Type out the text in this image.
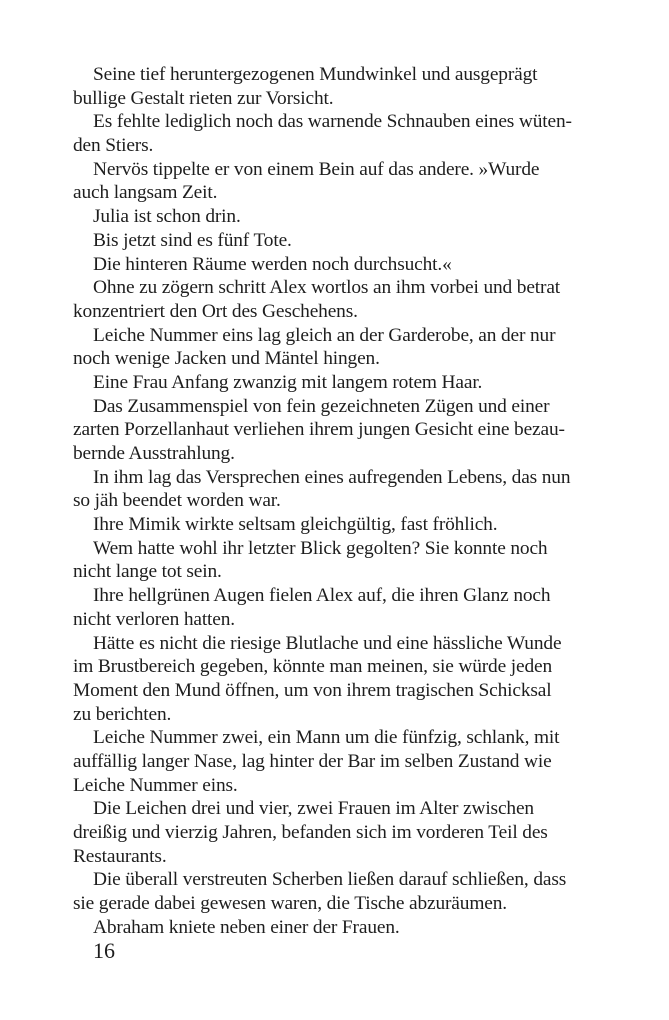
Seine tief heruntergezogenen Mundwinkel und ausgeprägt
bullige Gestalt rieten zur Vorsicht.
Es fehlte lediglich noch das warnende Schnauben eines wüten-
den Stiers.
Nervös tippelte er von einem Bein auf das andere. »Wurde
auch langsam Zeit.
Julia ist schon drin.
Bis jetzt sind es fünf Tote.
Die hinteren Räume werden noch durchsucht.«
Ohne zu zögern schritt Alex wortlos an ihm vorbei und betrat
konzentriert den Ort des Geschehens.
Leiche Nummer eins lag gleich an der Garderobe, an der nur
noch wenige Jacken und Mäntel hingen.
Eine Frau Anfang zwanzig mit langem rotem Haar.
Das Zusammenspiel von fein gezeichneten Zügen und einer
zarten Porzellanhaut verliehen ihrem jungen Gesicht eine bezau-
bernde Ausstrahlung.
In ihm lag das Versprechen eines aufregenden Lebens, das nun
so jäh beendet worden war.
Ihre Mimik wirkte seltsam gleichgültig, fast fröhlich.
Wem hatte wohl ihr letzter Blick gegolten? Sie konnte noch
nicht lange tot sein.
Ihre hellgrünen Augen fielen Alex auf, die ihren Glanz noch
nicht verloren hatten.
Hätte es nicht die riesige Blutlache und eine hässliche Wunde
im Brustbereich gegeben, könnte man meinen, sie würde jeden
Moment den Mund öffnen, um von ihrem tragischen Schicksal
zu berichten.
Leiche Nummer zwei, ein Mann um die fünfzig, schlank, mit
auffällig langer Nase, lag hinter der Bar im selben Zustand wie
Leiche Nummer eins.
Die Leichen drei und vier, zwei Frauen im Alter zwischen
dreißig und vierzig Jahren, befanden sich im vorderen Teil des
Restaurants.
Die überall verstreuten Scherben ließen darauf schließen, dass
sie gerade dabei gewesen waren, die Tische abzuräumen.
Abraham kniete neben einer der Frauen.
16
